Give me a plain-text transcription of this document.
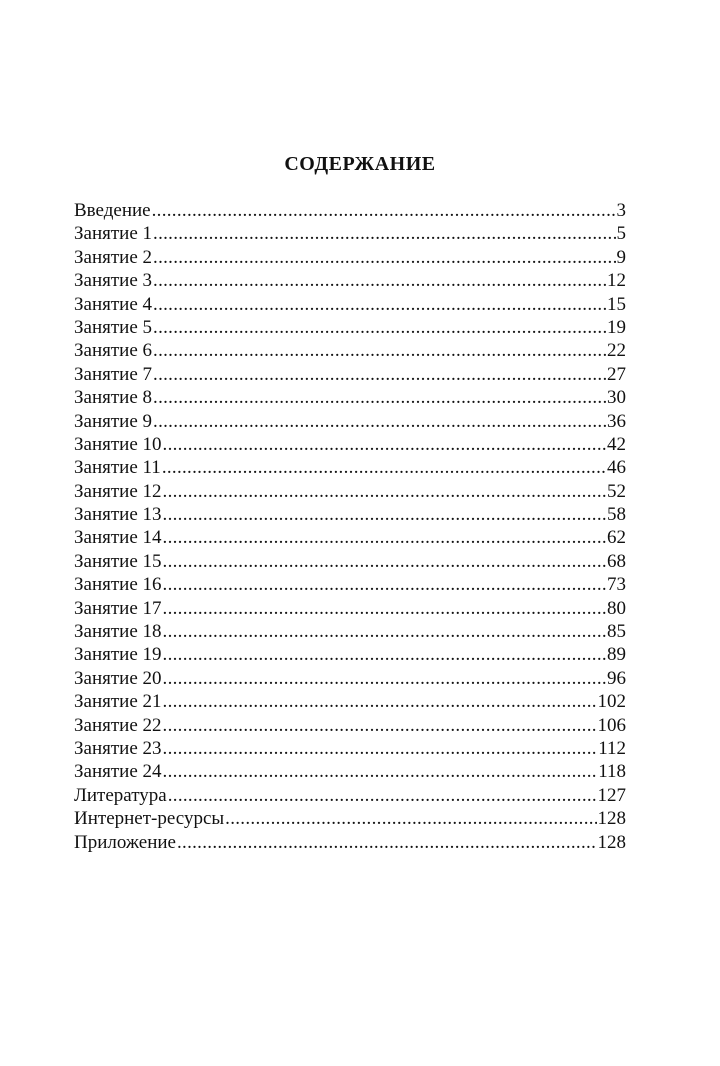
СОДЕРЖАНИЕ
Введение .....	3
Занятие 1 .....	5
Занятие 2 .....	9
Занятие 3 .....	12
Занятие 4 .....	15
Занятие 5 .....	19
Занятие 6 .....	22
Занятие 7 .....	27
Занятие 8 .....	30
Занятие 9 .....	36
Занятие 10 .....	42
Занятие 11 .....	46
Занятие 12 .....	52
Занятие 13 .....	58
Занятие 14 .....	62
Занятие 15 .....	68
Занятие 16 .....	73
Занятие 17 .....	80
Занятие 18 .....	85
Занятие 19 .....	89
Занятие 20 .....	96
Занятие 21 .....	102
Занятие 22 .....	106
Занятие 23 .....	112
Занятие 24 .....	118
Литература .....	127
Интернет-ресурсы .....	128
Приложение .....	128
